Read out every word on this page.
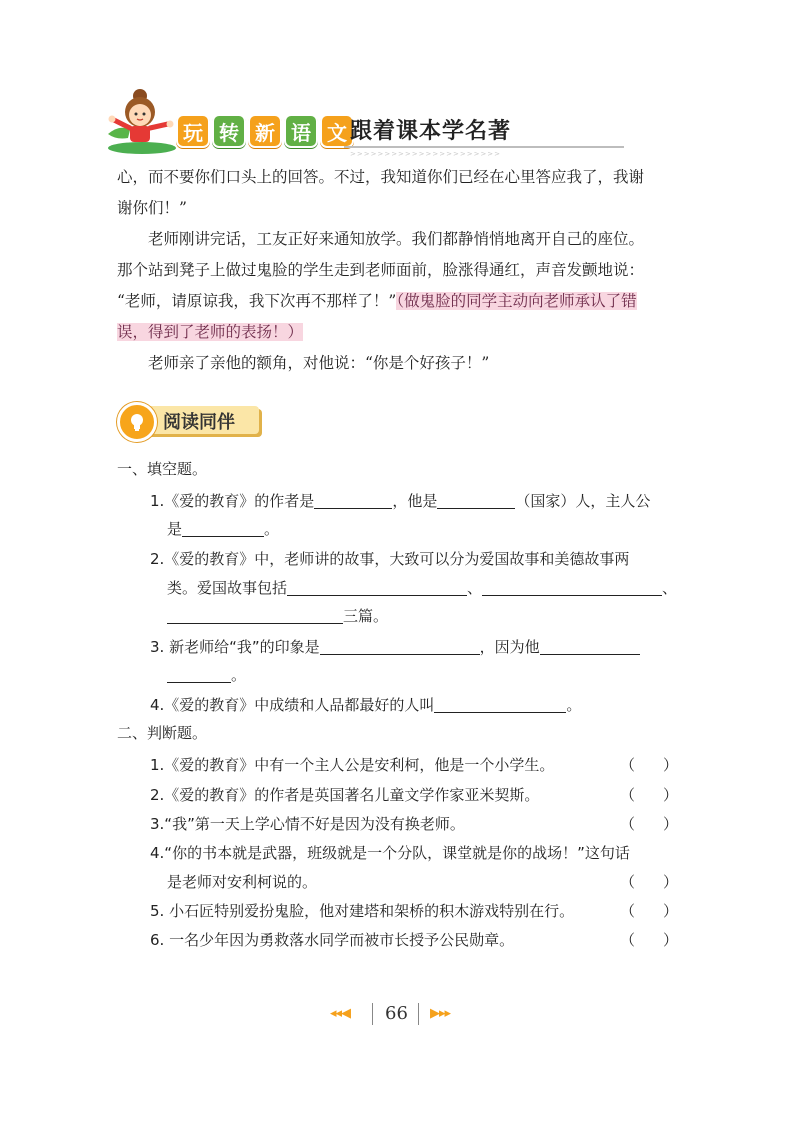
玩 转 新 语 文 跟着课本学名著
>>>>>>>>>>>>>>>>>>>>>>

心，而不要你们口头上的回答。不过，我知道你们已经在心里答应我了，我谢

谢你们！”

老师刚讲完话，工友正好来通知放学。我们都静悄悄地离开自己的座位。

那个站到凳子上做过鬼脸的学生走到老师面前，脸涨得通红，声音发颤地说：

“老师，请原谅我，我下次再不那样了！”（做鬼脸的同学主动向老师承认了错

误，得到了老师的表扬！）

老师亲了亲他的额角，对他说：“你是个好孩子！”

阅读同伴
一、填空题。
1.《爱的教育》的作者是	，他是	（国家）人，主人公
是	。
2.《爱的教育》中，老师讲的故事，大致可以分为爱国故事和美德故事两
类。爱国故事包括	、	、
三篇。
3. 新老师给“我”的印象是	，因为他
。
4.《爱的教育》中成绩和人品都最好的人叫	。
二、判断题。
1.《爱的教育》中有一个主人公是安利柯，他是一个小学生。	（ ）
2.《爱的教育》的作者是英国著名儿童文学作家亚米契斯。	（ ）
3.“我”第一天上学心情不好是因为没有换老师。	（ ）
4.“你的书本就是武器，班级就是一个分队，课堂就是你的战场！”这句话
是老师对安利柯说的。	（ ）
5. 小石匠特别爱扮鬼脸，他对建塔和架桥的积木游戏特别在行。	（ ）
6. 一名少年因为勇救落水同学而被市长授予公民勋章。	（ ）
◂◂◀ 66 ▶▸▸
